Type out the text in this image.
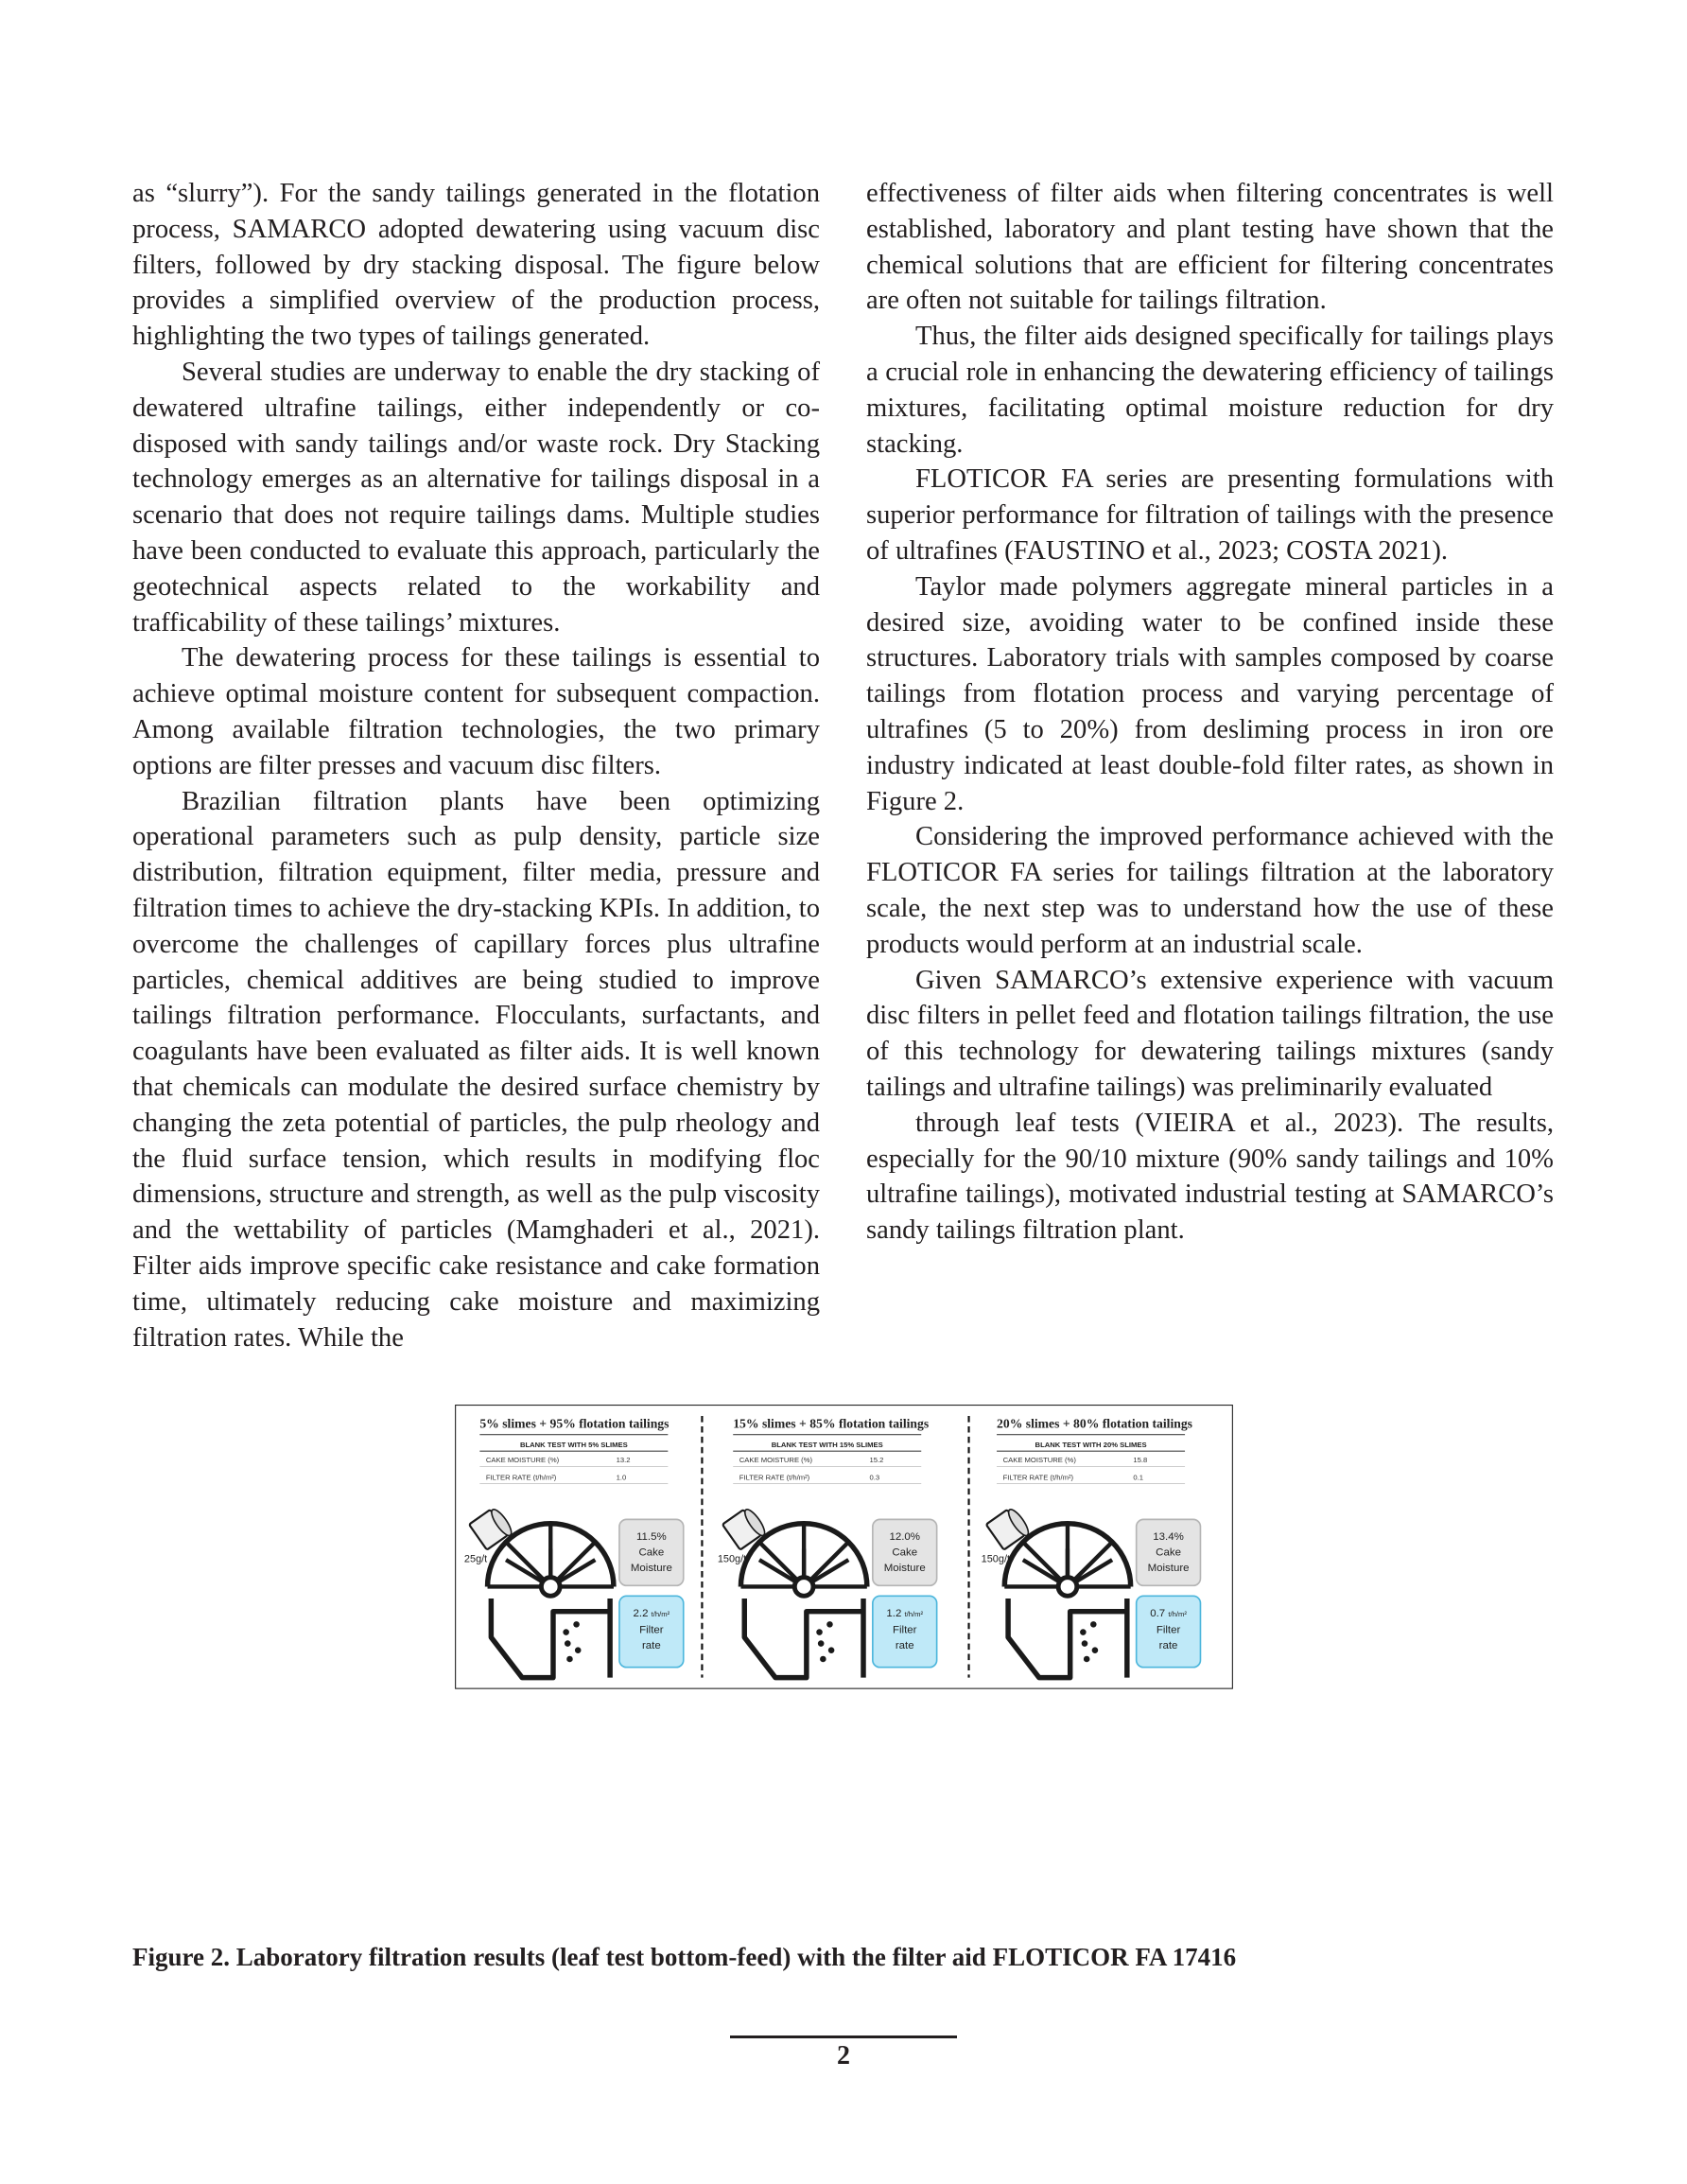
as “slurry”). For the sandy tailings generated in the flotation process, SAMARCO adopted dewatering using vacuum disc filters, followed by dry stacking disposal. The figure below provides a simplified overview of the production process, highlighting the two types of tailings generated.

Several studies are underway to enable the dry stacking of dewatered ultrafine tailings, either independently or co-disposed with sandy tailings and/or waste rock. Dry Stacking technology emerges as an alternative for tailings disposal in a scenario that does not require tailings dams. Multiple studies have been conducted to evaluate this approach, particularly the geotechnical aspects related to the workability and trafficability of these tailings’ mixtures.

The dewatering process for these tailings is essential to achieve optimal moisture content for subsequent compaction. Among available filtration technologies, the two primary options are filter presses and vacuum disc filters.

Brazilian filtration plants have been optimizing operational parameters such as pulp density, particle size distribution, filtration equipment, filter media, pressure and filtration times to achieve the dry-stacking KPIs. In addition, to overcome the challenges of capillary forces plus ultrafine particles, chemical additives are being studied to improve tailings filtration performance. Flocculants, surfactants, and coagulants have been evaluated as filter aids. It is well known that chemicals can modulate the desired surface chemistry by changing the zeta potential of particles, the pulp rheology and the fluid surface tension, which results in modifying floc dimensions, structure and strength, as well as the pulp viscosity and the wettability of particles (Mamghaderi et al., 2021). Filter aids improve specific cake resistance and cake formation time, ultimately reducing cake moisture and maximizing filtration rates. While the

effectiveness of filter aids when filtering concentrates is well established, laboratory and plant testing have shown that the chemical solutions that are efficient for filtering concentrates are often not suitable for tailings filtration.

Thus, the filter aids designed specifically for tailings plays a crucial role in enhancing the dewatering efficiency of tailings mixtures, facilitating optimal moisture reduction for dry stacking.

FLOTICOR FA series are presenting formulations with superior performance for filtration of tailings with the presence of ultrafines (FAUSTINO et al., 2023; COSTA 2021).

Taylor made polymers aggregate mineral particles in a desired size, avoiding water to be confined inside these structures. Laboratory trials with samples composed by coarse tailings from flotation process and varying percentage of ultrafines (5 to 20%) from desliming process in iron ore industry indicated at least double-fold filter rates, as shown in Figure 2.

Considering the improved performance achieved with the FLOTICOR FA series for tailings filtration at the laboratory scale, the next step was to understand how the use of these products would perform at an industrial scale.

Given SAMARCO’s extensive experience with vacuum disc filters in pellet feed and flotation tailings filtration, the use of this technology for dewatering tailings mixtures (sandy tailings and ultrafine tailings) was preliminarily evaluated

through leaf tests (VIEIRA et al., 2023). The results, especially for the 90/10 mixture (90% sandy tailings and 10% ultrafine tailings), motivated industrial testing at SAMARCO’s sandy tailings filtration plant.

5% slimes + 95% flotation tailings
BLANK TEST WITH 5% SLIMES
CAKE MOISTURE (%)	13.2
FILTER RATE (t/h/m²)	1.0
25g/t
11.5%
Cake
Moisture
2.2 t/h/m²
Filter
rate
15% slimes + 85% flotation tailings
BLANK TEST WITH 15% SLIMES
CAKE MOISTURE (%)	15.2
FILTER RATE (t/h/m²)	0.3
150g/t
12.0%
Cake
Moisture
1.2 t/h/m²
Filter
rate
20% slimes + 80% flotation tailings
BLANK TEST WITH 20% SLIMES
CAKE MOISTURE (%)	15.8
FILTER RATE (t/h/m²)	0.1
150g/t
13.4%
Cake
Moisture
0.7 t/h/m²
Filter
rate
Figure 2. Laboratory filtration results (leaf test bottom-feed) with the filter aid FLOTICOR FA 17416
2
